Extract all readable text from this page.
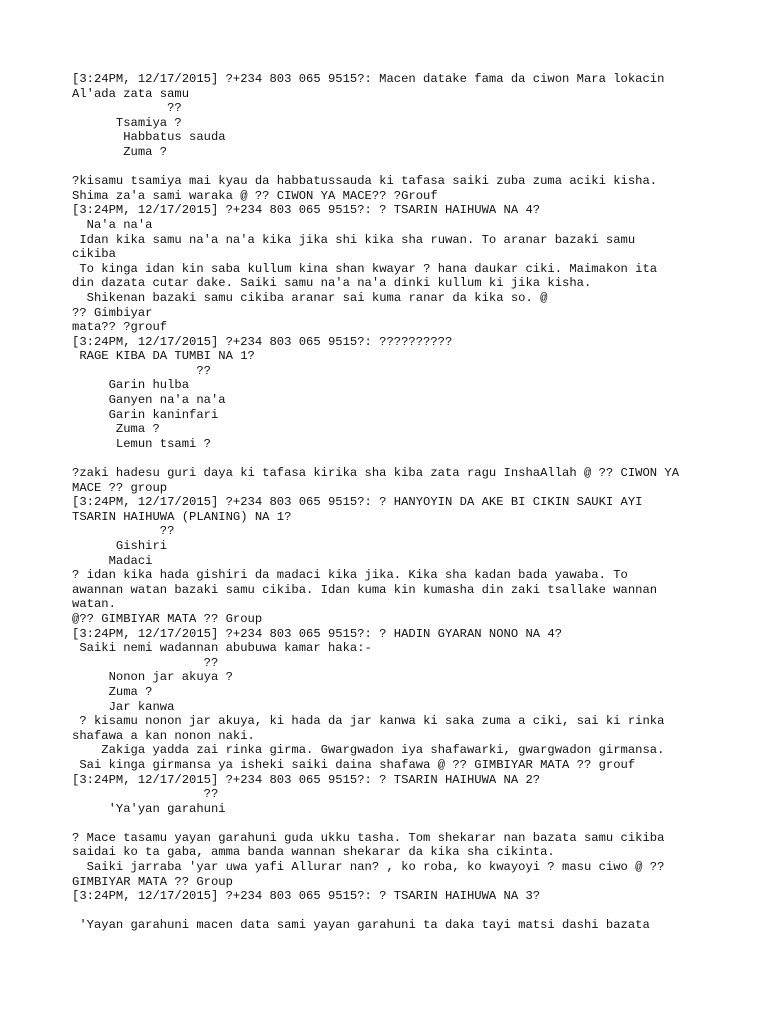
[3:24PM, 12/17/2015] ?+234 803 065 9515?: Macen datake fama da ciwon Mara lokacin
Al'ada zata samu
??
Tsamiya ?
Habbatus sauda
Zuma ?
?kisamu tsamiya mai kyau da habbatussauda ki tafasa saiki zuba zuma aciki kisha.
Shima za'a sami waraka @ ?? CIWON YA MACE?? ?Grouf
[3:24PM, 12/17/2015] ?+234 803 065 9515?: ? TSARIN HAIHUWA NA 4?
Na'a na'a
Idan kika samu na'a na'a kika jika shi kika sha ruwan. To aranar bazaki samu
cikiba
To kinga idan kin saba kullum kina shan kwayar ? hana daukar ciki. Maimakon ita
din dazata cutar dake. Saiki samu na'a na'a dinki kullum ki jika kisha.
Shikenan bazaki samu cikiba aranar sai kuma ranar da kika so. @
?? Gimbiyar
mata?? ?grouf
[3:24PM, 12/17/2015] ?+234 803 065 9515?: ??????????
RAGE KIBA DA TUMBI NA 1?
??
Garin hulba
Ganyen na'a na'a
Garin kaninfari
Zuma ?
Lemun tsami ?
?zaki hadesu guri daya ki tafasa kirika sha kiba zata ragu InshaAllah @ ?? CIWON YA
MACE ?? group
[3:24PM, 12/17/2015] ?+234 803 065 9515?: ? HANYOYIN DA AKE BI CIKIN SAUKI AYI
TSARIN HAIHUWA (PLANING) NA 1?
??
Gishiri
Madaci
? idan kika hada gishiri da madaci kika jika. Kika sha kadan bada yawaba. To
awannan watan bazaki samu cikiba. Idan kuma kin kumasha din zaki tsallake wannan
watan.
@?? GIMBIYAR MATA ?? Group
[3:24PM, 12/17/2015] ?+234 803 065 9515?: ? HADIN GYARAN NONO NA 4?
Saiki nemi wadannan abubuwa kamar haka:-
??
Nonon jar akuya ?
Zuma ?
Jar kanwa
? kisamu nonon jar akuya, ki hada da jar kanwa ki saka zuma a ciki, sai ki rinka
shafawa a kan nonon naki.
Zakiga yadda zai rinka girma. Gwargwadon iya shafawarki, gwargwadon girmansa.
Sai kinga girmansa ya isheki saiki daina shafawa @ ?? GIMBIYAR MATA ?? grouf
[3:24PM, 12/17/2015] ?+234 803 065 9515?: ? TSARIN HAIHUWA NA 2?
??
'Ya'yan garahuni
? Mace tasamu yayan garahuni guda ukku tasha. Tom shekarar nan bazata samu cikiba
saidai ko ta gaba, amma banda wannan shekarar da kika sha cikinta.
Saiki jarraba 'yar uwa yafi Allurar nan? , ko roba, ko kwayoyi ? masu ciwo @ ??
GIMBIYAR MATA ?? Group
[3:24PM, 12/17/2015] ?+234 803 065 9515?: ? TSARIN HAIHUWA NA 3?
'Yayan garahuni macen data sami yayan garahuni ta daka tayi matsi dashi bazata
